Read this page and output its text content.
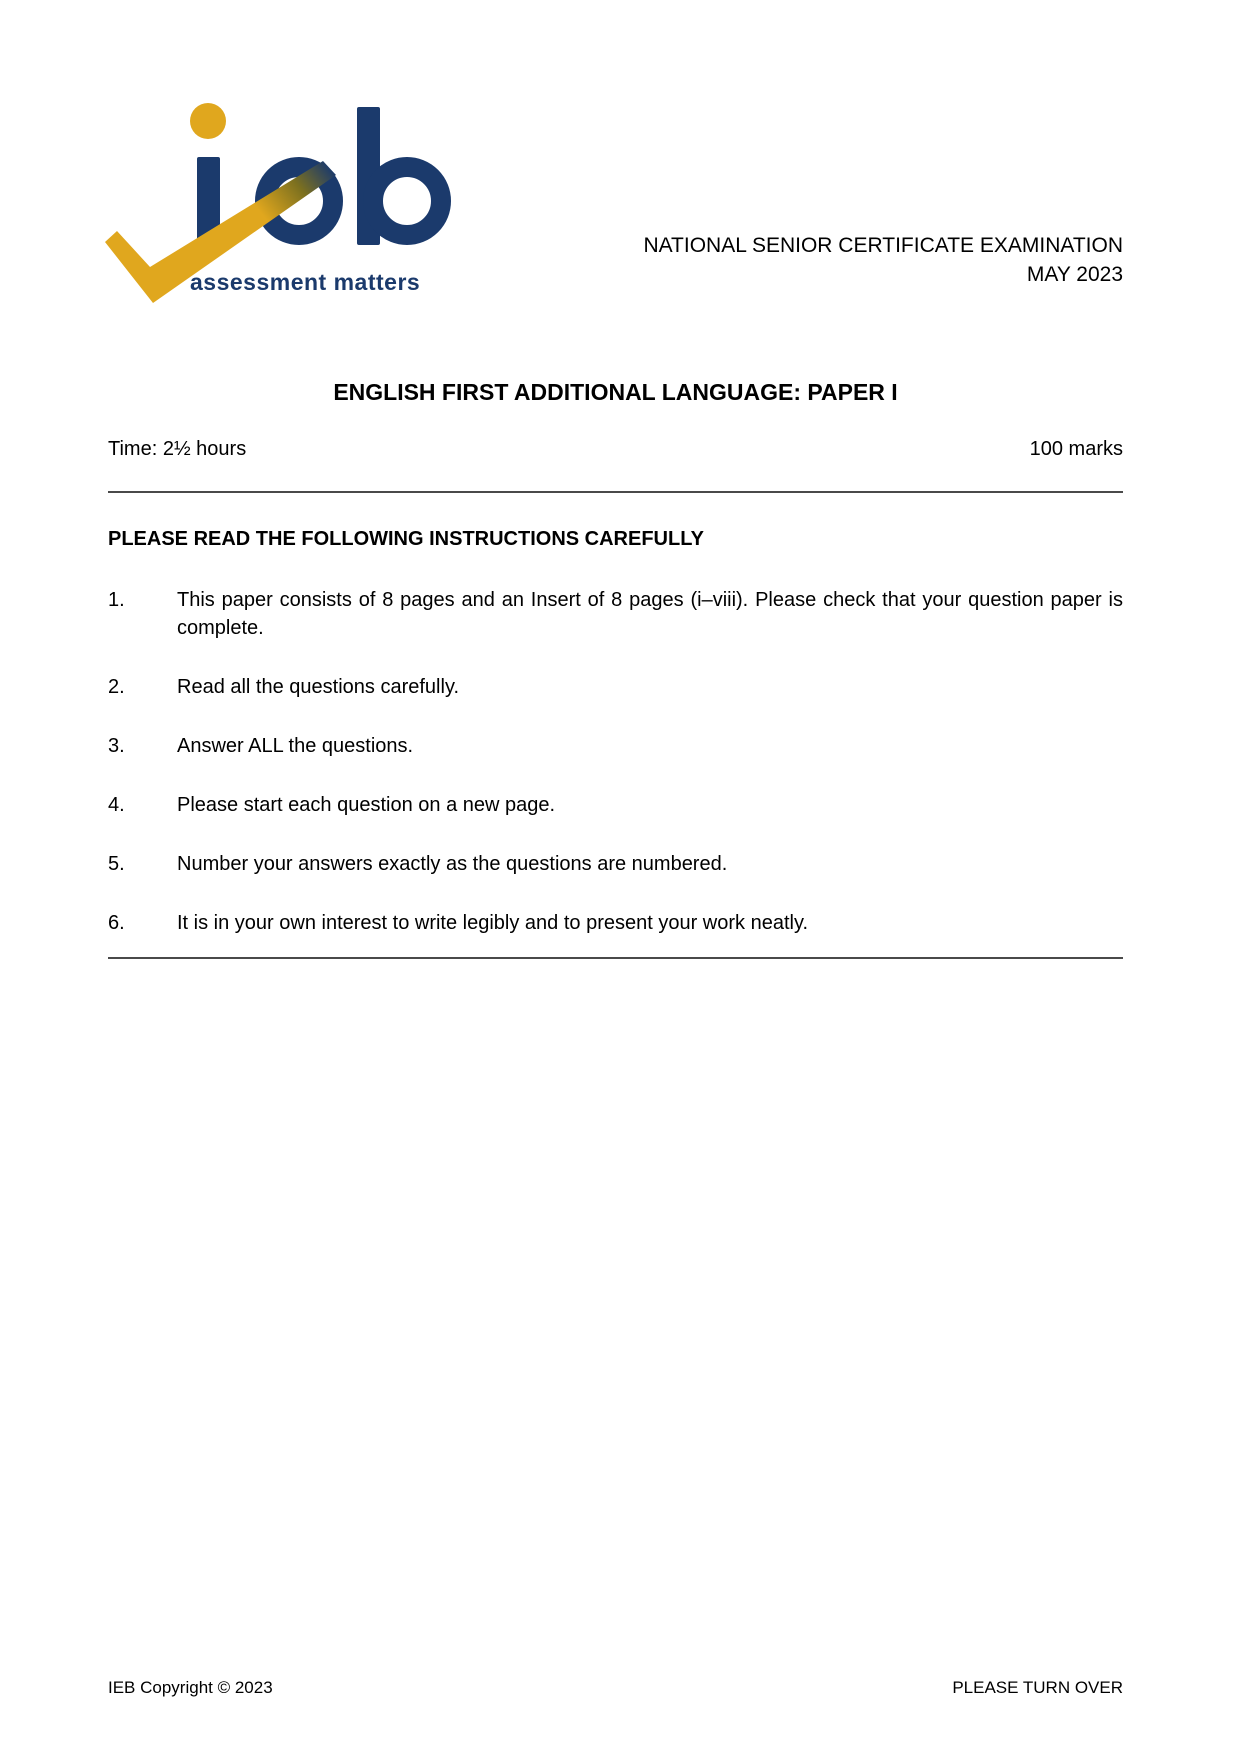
assessment matters
NATIONAL SENIOR CERTIFICATE EXAMINATION
MAY 2023
ENGLISH FIRST ADDITIONAL LANGUAGE: PAPER I
Time: 2½ hours	100 marks
PLEASE READ THE FOLLOWING INSTRUCTIONS CAREFULLY
1.	This paper consists of 8 pages and an Insert of 8 pages (i–viii). Please check that your question paper is complete.
2.	Read all the questions carefully.
3.	Answer ALL the questions.
4.	Please start each question on a new page.
5.	Number your answers exactly as the questions are numbered.
6.	It is in your own interest to write legibly and to present your work neatly.
IEB Copyright © 2023	PLEASE TURN OVER
